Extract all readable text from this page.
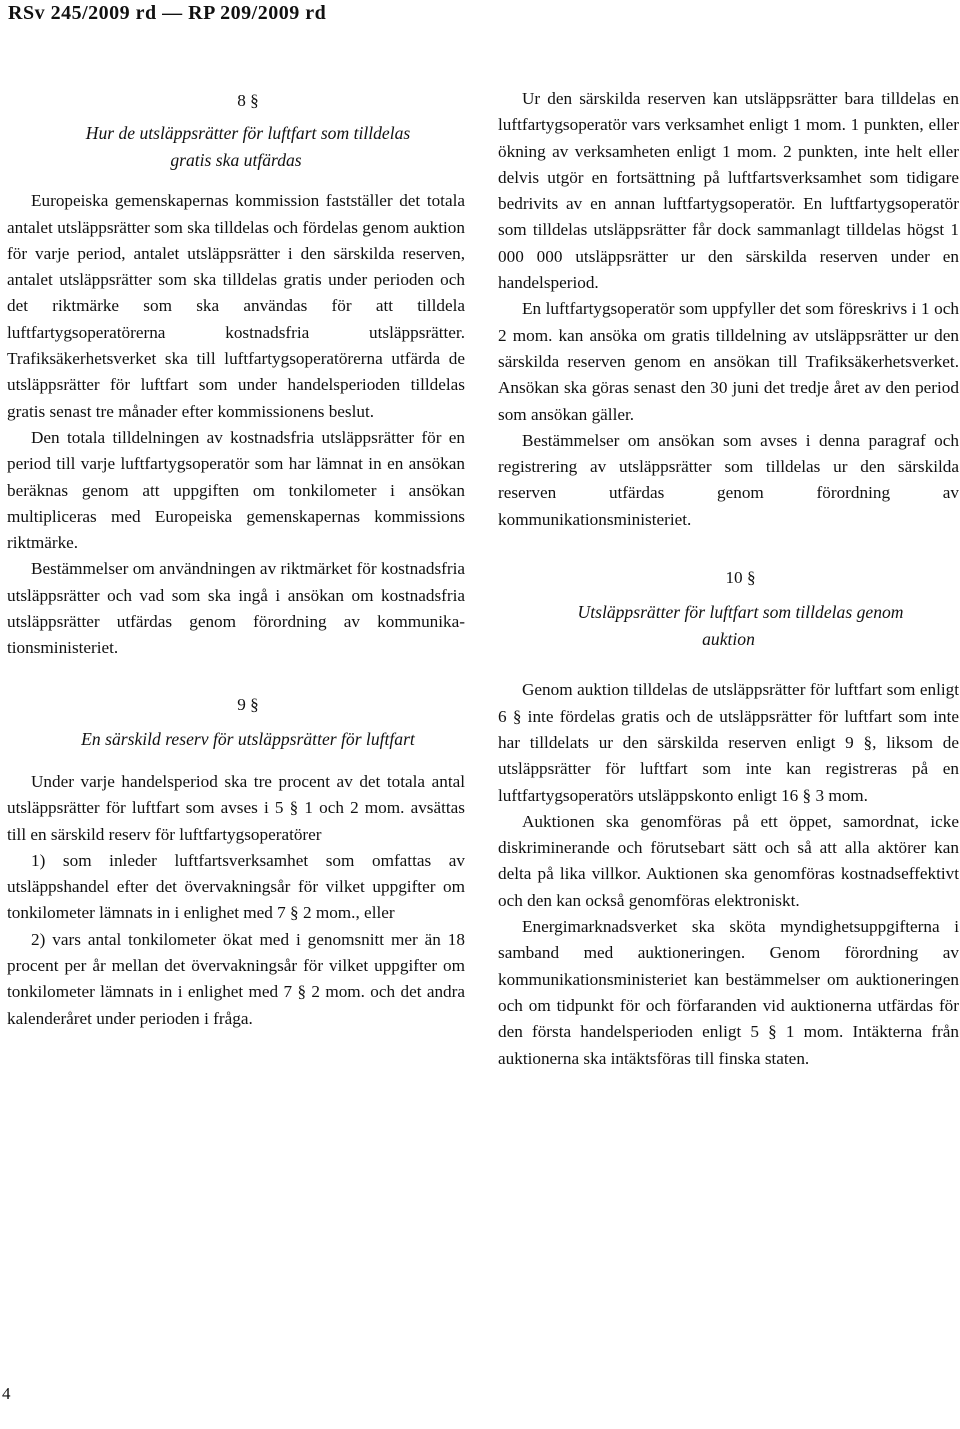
RSv 245/2009 rd — RP 209/2009 rd

8 §

Hur de utsläppsrätter för luftfart som tilldelas gratis ska utfärdas

Europeiska gemenskapernas kommission fastställer det totala antalet utsläppsrätter som ska tilldelas och fördelas genom auktion för varje period, antalet utsläppsrätter i den särskilda reserven, antalet utsläppsrätter som ska tilldelas gratis under perioden och det riktmärke som ska användas för att tilldela luftfartygsoperatörerna kostnadsfria utsläppsrätter. Trafiksäkerhetsverket ska till luftfartygsoperatörerna utfärda de utsläppsrätter för luftfart som under handelsperioden tilldelas gratis senast tre månader efter kommissionens beslut.

Den totala tilldelningen av kostnadsfria utsläppsrätter för en period till varje luftfartygsoperatör som har lämnat in en ansökan beräknas genom att uppgiften om tonkilometer i ansökan multipliceras med Europeiska gemenskapernas kommissions riktmärke.

Bestämmelser om användningen av riktmärket för kostnadsfria utsläppsrätter och vad som ska ingå i ansökan om kostnadsfria utsläppsrätter utfärdas genom förordning av kommunikationsministeriet.

9 §

En särskild reserv för utsläppsrätter för luftfart

Under varje handelsperiod ska tre procent av det totala antal utsläppsrätter för luftfart som avses i 5 § 1 och 2 mom. avsättas till en särskild reserv för luftfartygsoperatörer

1) som inleder luftfartsverksamhet som omfattas av utsläppshandel efter det övervakningsår för vilket uppgifter om tonkilometer lämnats in i enlighet med 7 § 2 mom., eller

2) vars antal tonkilometer ökat med i genomsnitt mer än 18 procent per år mellan det övervakningsår för vilket uppgifter om tonkilometer lämnats in i enlighet med 7 § 2 mom. och det andra kalenderåret under perioden i fråga.

Ur den särskilda reserven kan utsläppsrätter bara tilldelas en luftfartygsoperatör vars verksamhet enligt 1 mom. 1 punkten, eller ökning av verksamheten enligt 1 mom. 2 punkten, inte helt eller delvis utgör en fortsättning på luftfartsverksamhet som tidigare bedrivits av en annan luftfartygsoperatör. En luftfartygsoperatör som tilldelas utsläppsrätter får dock sammanlagt tilldelas högst 1 000 000 utsläppsrätter ur den särskilda reserven under en handelsperiod.

En luftfartygsoperatör som uppfyller det som föreskrivs i 1 och 2 mom. kan ansöka om gratis tilldelning av utsläppsrätter ur den särskilda reserven genom en ansökan till Trafiksäkerhetsverket. Ansökan ska göras senast den 30 juni det tredje året av den period som ansökan gäller.

Bestämmelser om ansökan som avses i denna paragraf och registrering av utsläppsrätter som tilldelas ur den särskilda reserven utfärdas genom förordning av kommunikationsministeriet.

10 §

Utsläppsrätter för luftfart som tilldelas genom auktion

Genom auktion tilldelas de utsläppsrätter för luftfart som enligt 6 § inte fördelas gratis och de utsläppsrätter för luftfart som inte har tilldelats ur den särskilda reserven enligt 9 §, liksom de utsläppsrätter för luftfart som inte kan registreras på en luftfartygsoperatörs utsläppskonto enligt 16 § 3 mom.

Auktionen ska genomföras på ett öppet, samordnat, icke diskriminerande och förutsebart sätt och så att alla aktörer kan delta på lika villkor. Auktionen ska genomföras kostnadseffektivt och den kan också genomföras elektroniskt.

Energimarknadsverket ska sköta myndighetsuppgifterna i samband med auktioneringen. Genom förordning av kommunikationsministeriet kan bestämmelser om auktioneringen och om tidpunkt för och förfaranden vid auktionerna utfärdas för den första handelsperioden enligt 5 § 1 mom. Intäkterna från auktionerna ska intäktsföras till finska staten.

4
